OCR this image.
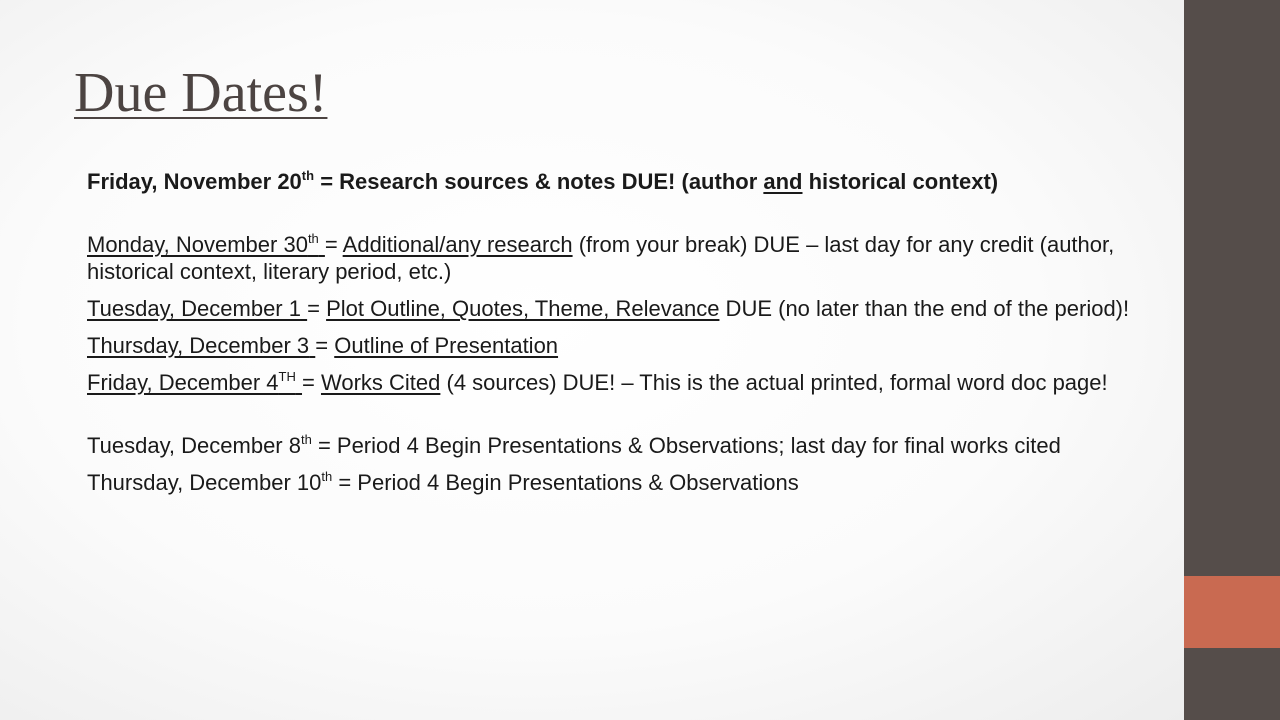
Due Dates!

Friday, November 20th = Research sources & notes DUE! (author and historical context)

Monday, November 30th = Additional/any research (from your break) DUE – last day for any credit (author, historical context, literary period, etc.)

Tuesday, December 1 = Plot Outline, Quotes, Theme, Relevance DUE (no later than the end of the period)!

Thursday, December 3 = Outline of Presentation

Friday, December 4TH = Works Cited (4 sources) DUE! – This is the actual printed, formal word doc page!

Tuesday, December 8th = Period 4 Begin Presentations & Observations; last day for final works cited

Thursday, December 10th = Period 4 Begin Presentations & Observations
